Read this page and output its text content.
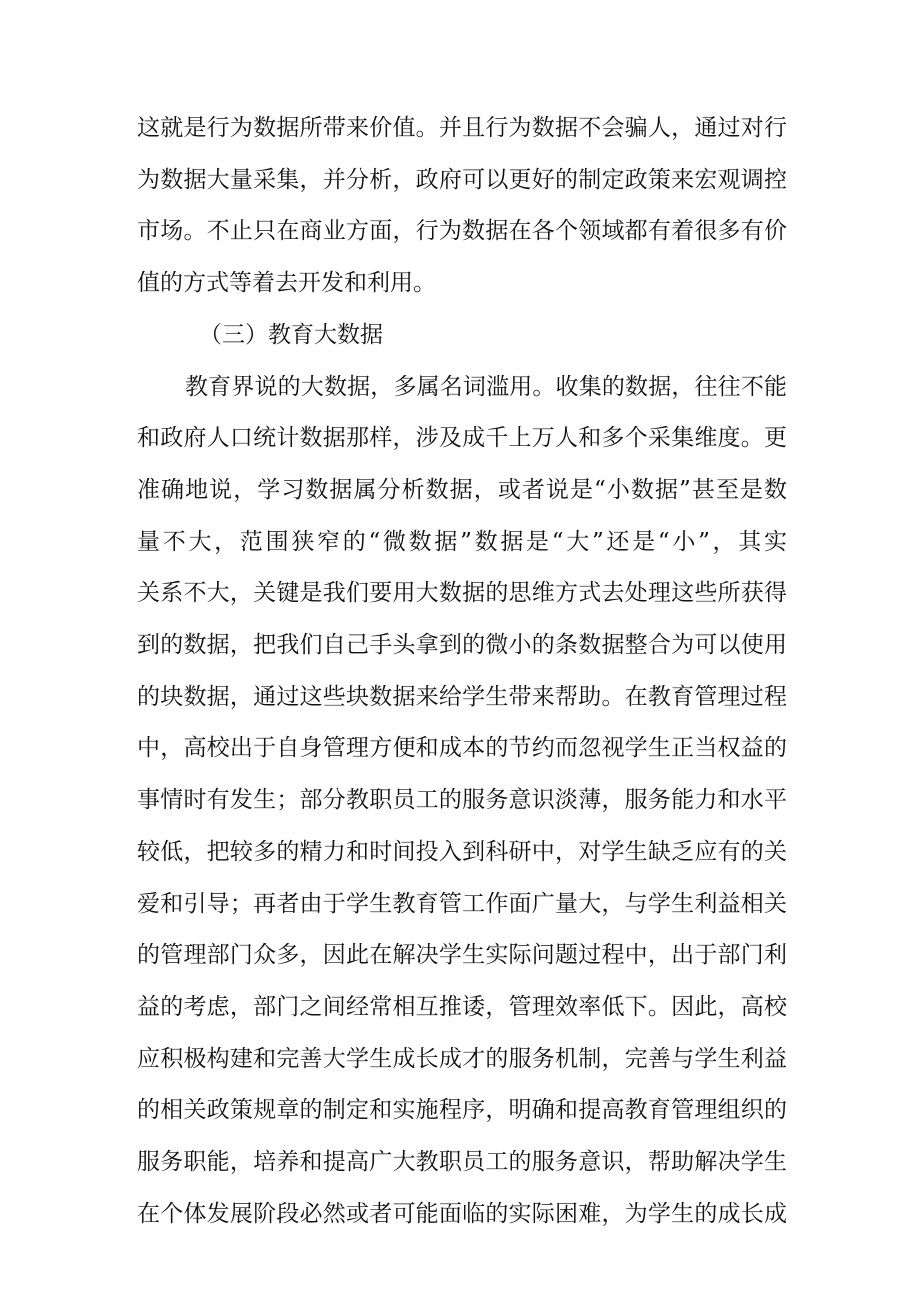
这就是行为数据所带来价值。并且行为数据不会骗人，通过对行
为数据大量采集，并分析，政府可以更好的制定政策来宏观调控
市场。不止只在商业方面，行为数据在各个领域都有着很多有价
值的方式等着去开发和利用。
（三）教育大数据
教育界说的大数据，多属名词滥用。收集的数据，往往不能
和政府人口统计数据那样，涉及成千上万人和多个采集维度。更
准确地说，学习数据属分析数据，或者说是“小数据”甚至是数
量不大，范围狭窄的“微数据”数据是“大”还是“小”，其实
关系不大，关键是我们要用大数据的思维方式去处理这些所获得
到的数据，把我们自己手头拿到的微小的条数据整合为可以使用
的块数据，通过这些块数据来给学生带来帮助。在教育管理过程
中，高校出于自身管理方便和成本的节约而忽视学生正当权益的
事情时有发生；部分教职员工的服务意识淡薄，服务能力和水平
较低，把较多的精力和时间投入到科研中，对学生缺乏应有的关
爱和引导；再者由于学生教育管工作面广量大，与学生利益相关
的管理部门众多，因此在解决学生实际问题过程中，出于部门利
益的考虑，部门之间经常相互推诿，管理效率低下。因此，高校
应积极构建和完善大学生成长成才的服务机制，完善与学生利益
的相关政策规章的制定和实施程序，明确和提高教育管理组织的
服务职能，培养和提高广大教职员工的服务意识，帮助解决学生
在个体发展阶段必然或者可能面临的实际困难，为学生的成长成
